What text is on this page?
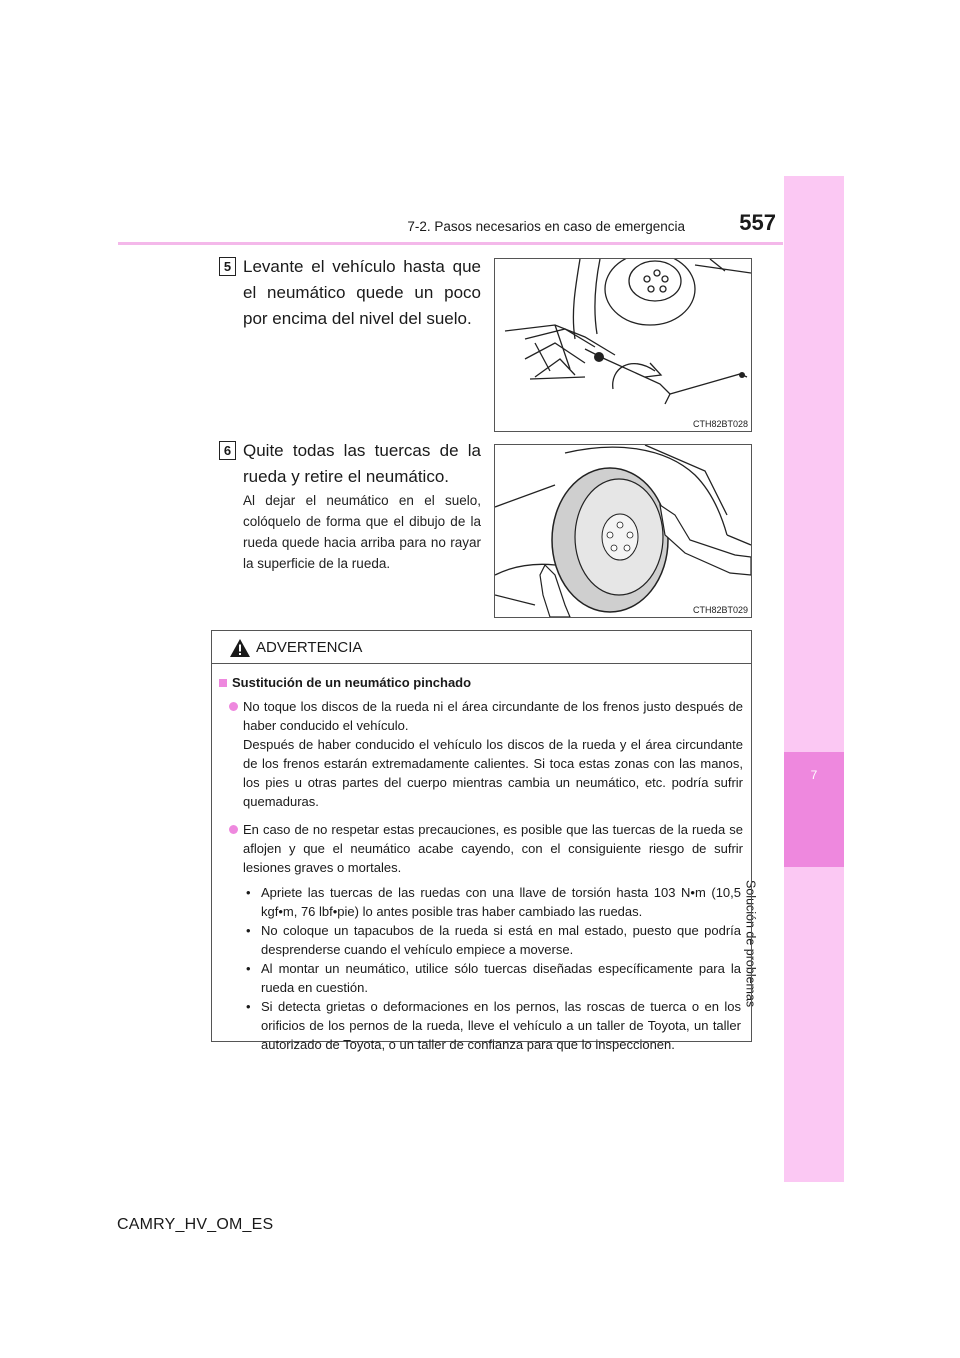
7-2. Pasos necesarios en caso de emergencia	557
7
Solución de problemas
5 Levante el vehículo hasta que el neumático quede un poco por encima del nivel del suelo.
CTH82BT028
6 Quite todas las tuercas de la rueda y retire el neumático.
Al dejar el neumático en el suelo, colóquelo de forma que el dibujo de la rueda quede hacia arriba para no rayar la superficie de la rueda.
CTH82BT029
ADVERTENCIA
Sustitución de un neumático pinchado
No toque los discos de la rueda ni el área circundante de los frenos justo después de haber conducido el vehículo.
Después de haber conducido el vehículo los discos de la rueda y el área circundante de los frenos estarán extremadamente calientes. Si toca estas zonas con las manos, los pies u otras partes del cuerpo mientras cambia un neumático, etc. podría sufrir quemaduras.
En caso de no respetar estas precauciones, es posible que las tuercas de la rueda se aflojen y que el neumático acabe cayendo, con el consiguiente riesgo de sufrir lesiones graves o mortales.
• Apriete las tuercas de las ruedas con una llave de torsión hasta 103 N•m (10,5 kgf•m, 76 lbf•pie) lo antes posible tras haber cambiado las ruedas.
• No coloque un tapacubos de la rueda si está en mal estado, puesto que podría desprenderse cuando el vehículo empiece a moverse.
• Al montar un neumático, utilice sólo tuercas diseñadas específicamente para la rueda en cuestión.
• Si detecta grietas o deformaciones en los pernos, las roscas de tuerca o en los orificios de los pernos de la rueda, lleve el vehículo a un taller de Toyota, un taller autorizado de Toyota, o un taller de confianza para que lo inspeccionen.
CAMRY_HV_OM_ES
